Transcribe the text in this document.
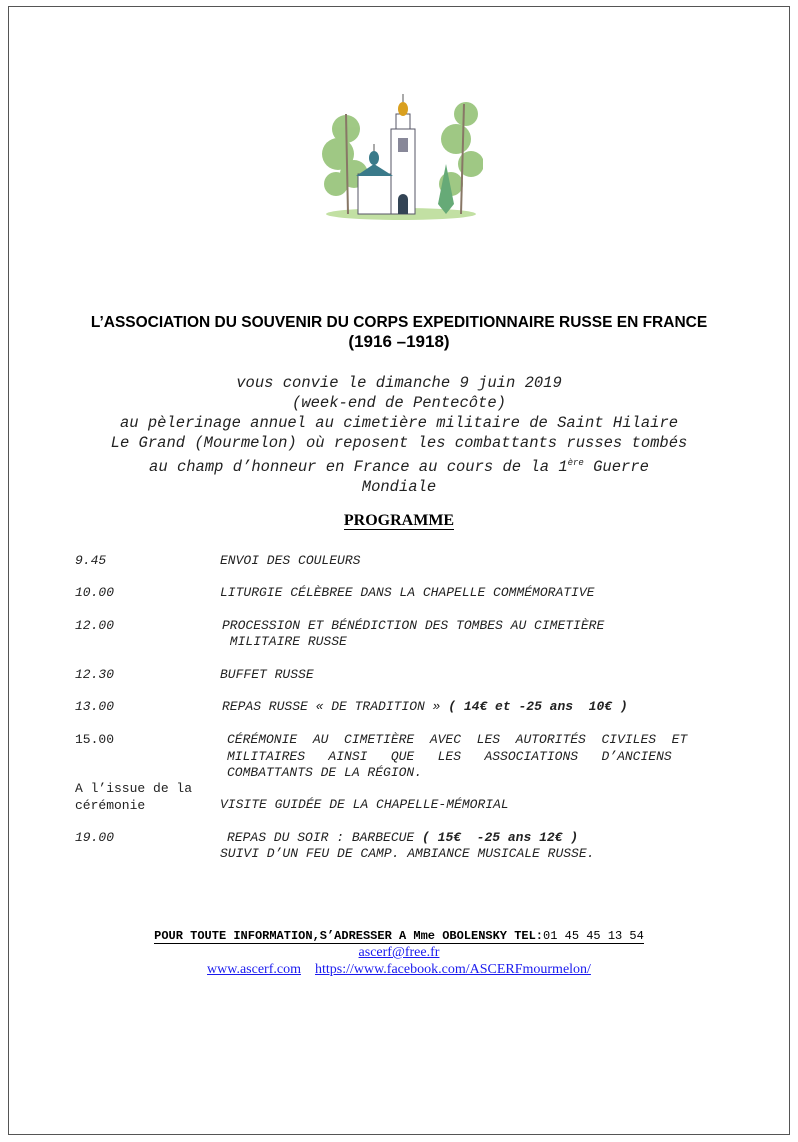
L’ASSOCIATION DU SOUVENIR DU CORPS EXPEDITIONNAIRE RUSSE EN FRANCE
(1916 –1918)
vous convie le dimanche 9 juin 2019
(week-end de Pentecôte)
au pèlerinage annuel au cimetière militaire de Saint Hilaire
Le Grand (Mourmelon) où reposent les combattants russes tombés
au champ d’honneur en France au cours de la 1ère Guerre
Mondiale
PROGRAMME
9.45	ENVOI DES COULEURS
10.00	LITURGIE CÉLÈBREE DANS LA CHAPELLE COMMÉMORATIVE
12.00	PROCESSION ET BÉNÉDICTION DES TOMBES AU CIMETIÈRE
MILITAIRE RUSSE
12.30	BUFFET RUSSE
13.00	REPAS RUSSE « DE TRADITION » ( 14€ et -25 ans  10€ )
15.00	CÉRÉMONIE  AU  CIMETIÈRE  AVEC  LES  AUTORITÉS  CIVILES  ET
MILITAIRES   AINSI   QUE   LES   ASSOCIATIONS   D’ANCIENS
COMBATTANTS DE LA RÉGION.
A l’issue de la
cérémonie	VISITE GUIDÉE DE LA CHAPELLE-MÉMORIAL
19.00	REPAS DU SOIR : BARBECUE ( 15€  -25 ans 12€ )
SUIVI D’UN FEU DE CAMP. AMBIANCE MUSICALE RUSSE.
POUR TOUTE INFORMATION,S’ADRESSER A Mme OBOLENSKY TEL:01 45 45 13 54
ascerf@free.fr
www.ascerf.com https://www.facebook.com/ASCERFmourmelon/
